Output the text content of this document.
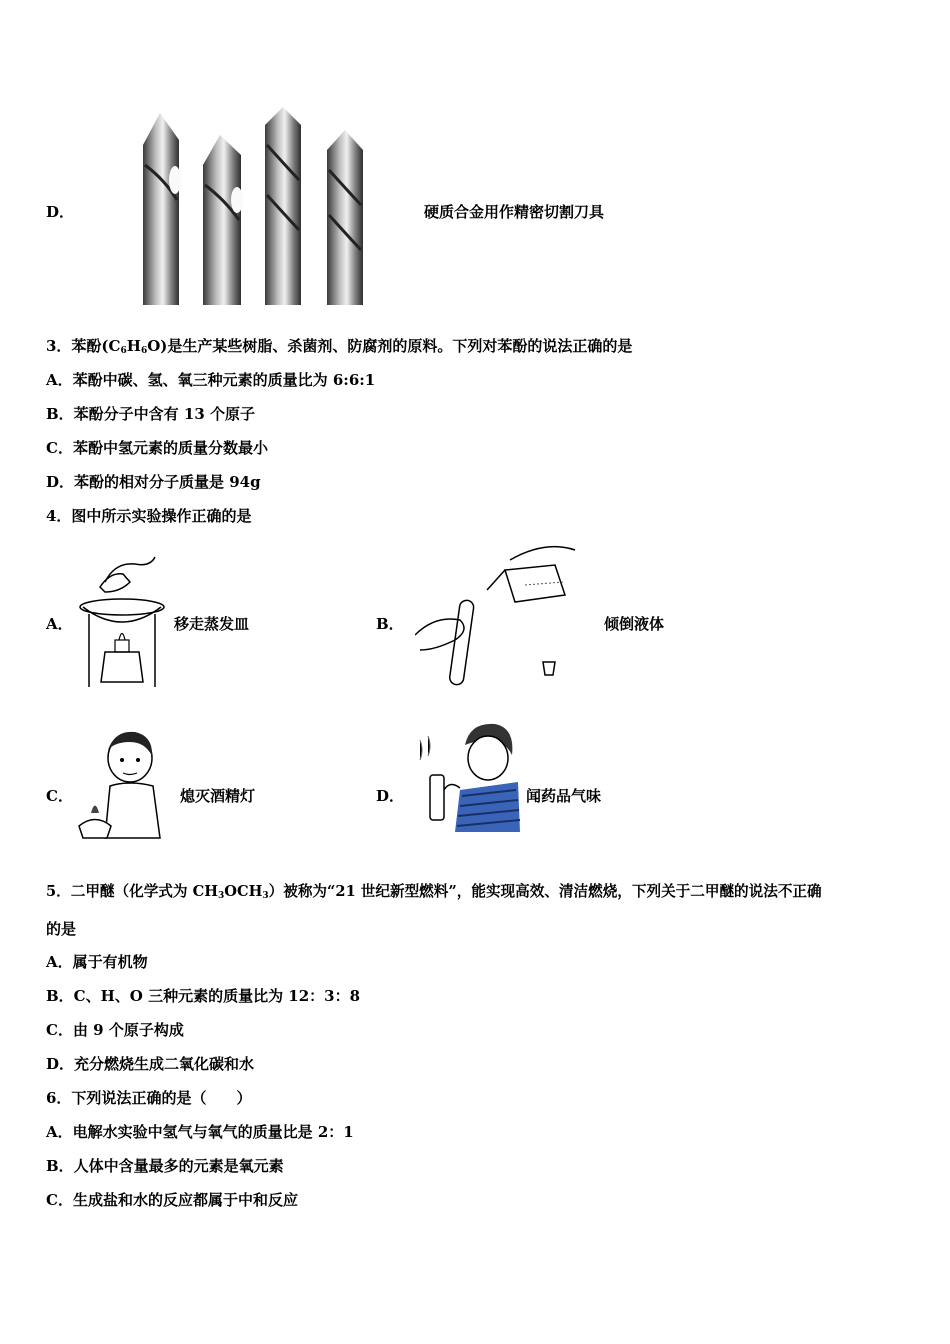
D．	硬质合金用作精密切割刀具
3．苯酚$(C_6H_6O)$是生产某些树脂、杀菌剂、防腐剂的原料。下列对苯酚的说法正确的是
A．苯酚中碳、氢、氧三种元素的质量比为 6:6:1
B．苯酚分子中含有 13 个原子
C．苯酚中氢元素的质量分数最小
D．苯酚的相对分子质量是 94g
4．图中所示实验操作正确的是
A．	移走蒸发皿	B．	倾倒液体
C．	熄灭酒精灯	D．	闻药品气味
5．二甲醚（化学式为 $CH_3OCH_3$）被称为“21 世纪新型燃料”，能实现高效、清洁燃烧，下列关于二甲醚的说法不正确
的是
A．属于有机物
B．C、H、O 三种元素的质量比为 12：3：8
C．由 9 个原子构成
D．充分燃烧生成二氧化碳和水
6．下列说法正确的是（　　）
A．电解水实验中氢气与氧气的质量比是 2：1
B．人体中含量最多的元素是氧元素
C．生成盐和水的反应都属于中和反应
